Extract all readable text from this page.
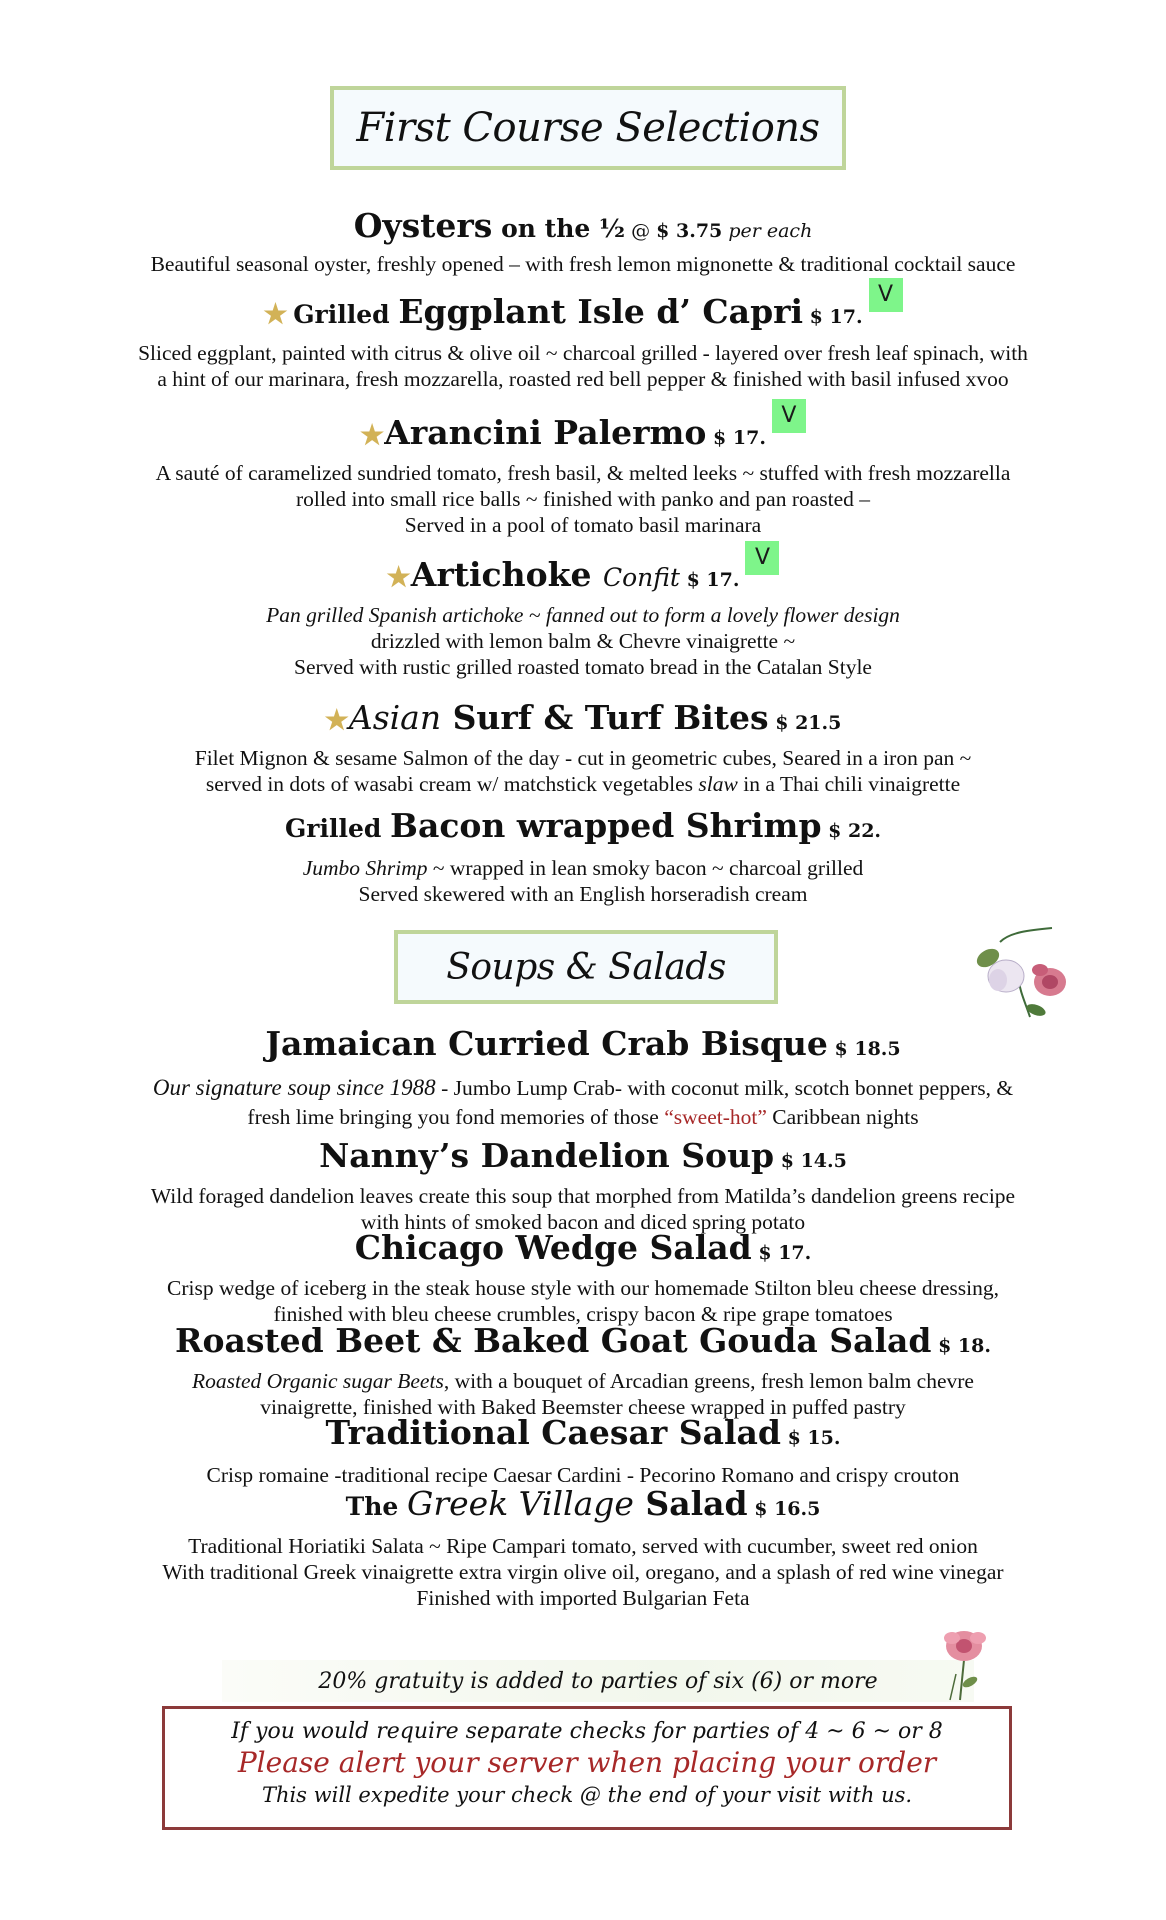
First Course Selections
Oysters on the ½ @ $ 3.75 per each
Beautiful seasonal oyster, freshly opened – with fresh lemon mignonette & traditional cocktail sauce
★ Grilled Eggplant Isle d’ Capri $ 17.V
Sliced eggplant, painted with citrus & olive oil ~ charcoal grilled - layered over fresh leaf spinach, with
a hint of our marinara, fresh mozzarella, roasted red bell pepper & finished with basil infused xvoo
★Arancini Palermo $ 17.V
A sauté of caramelized sundried tomato, fresh basil, & melted leeks ~ stuffed with fresh mozzarella
rolled into small rice balls ~ finished with panko and pan roasted –
Served in a pool of tomato basil marinara
★Artichoke Confit $ 17.V
Pan grilled Spanish artichoke ~ fanned out to form a lovely flower design
drizzled with lemon balm & Chevre vinaigrette ~
Served with rustic grilled roasted tomato bread in the Catalan Style
★Asian Surf & Turf Bites $ 21.5
Filet Mignon & sesame Salmon of the day - cut in geometric cubes, Seared in a iron pan ~
served in dots of wasabi cream w/ matchstick vegetables slaw in a Thai chili vinaigrette
Grilled Bacon wrapped Shrimp $ 22.
Jumbo Shrimp ~ wrapped in lean smoky bacon ~ charcoal grilled
Served skewered with an English horseradish cream
Soups & Salads
Jamaican Curried Crab Bisque $ 18.5
Our signature soup since 1988 - Jumbo Lump Crab- with coconut milk, scotch bonnet peppers, &
fresh lime bringing you fond memories of those “sweet-hot” Caribbean nights
Nanny’s Dandelion Soup $ 14.5
Wild foraged dandelion leaves create this soup that morphed from Matilda’s dandelion greens recipe
with hints of smoked bacon and diced spring potato
Chicago Wedge Salad $ 17.
Crisp wedge of iceberg in the steak house style with our homemade Stilton bleu cheese dressing,
finished with bleu cheese crumbles, crispy bacon & ripe grape tomatoes
Roasted Beet & Baked Goat Gouda Salad $ 18.
Roasted Organic sugar Beets, with a bouquet of Arcadian greens, fresh lemon balm chevre
vinaigrette, finished with Baked Beemster cheese wrapped in puffed pastry
Traditional Caesar Salad $ 15.
Crisp romaine -traditional recipe Caesar Cardini - Pecorino Romano and crispy crouton
The Greek Village Salad $ 16.5
Traditional Horiatiki Salata ~ Ripe Campari tomato, served with cucumber, sweet red onion
With traditional Greek vinaigrette extra virgin olive oil, oregano, and a splash of red wine vinegar
Finished with imported Bulgarian Feta
20% gratuity is added to parties of six (6) or more
If you would require separate checks for parties of 4 ~ 6 ~ or 8
Please alert your server when placing your order
This will expedite your check @ the end of your visit with us.
